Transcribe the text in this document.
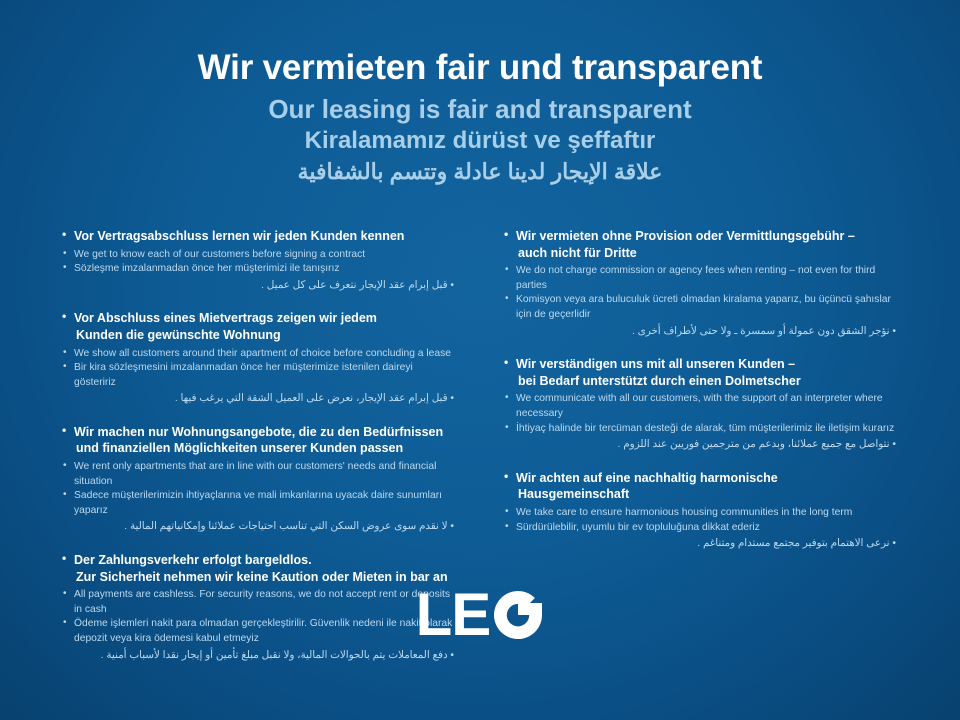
Wir vermieten fair und transparent
Our leasing is fair and transparent
Kiralamamız dürüst ve şeffaftır
علاقة الإيجار لدينا عادلة وتتسم بالشفافية
• Vor Vertragsabschluss lernen wir jeden Kunden kennen
• We get to know each of our customers before signing a contract
• Sözleşme imzalanmadan önce her müşterimizi ile tanışırız
• قبل إبرام عقد الإيجار نتعرف على كل عميل .
• Vor Abschluss eines Mietvertrags zeigen wir jedem
Kunden die gewünschte Wohnung
• We show all customers around their apartment of choice before concluding a lease
• Bir kira sözleşmesini imzalanmadan önce her müşterimize istenilen daireyi gösteririz
• قبل إبرام عقد الإيجار، نعرض على العميل الشقة التي يرغب فيها .
• Wir machen nur Wohnungsangebote, die zu den Bedürfnissen
und finanziellen Möglichkeiten unserer Kunden passen
• We rent only apartments that are in line with our customers' needs and financial situation
• Sadece müşterilerimizin ihtiyaçlarına ve mali imkanlarına uyacak daire sunumları yaparız
• لا نقدم سوى عروض السكن التي تناسب احتياجات عملائنا وإمكانياتهم المالية .
• Der Zahlungsverkehr erfolgt bargeldlos.
Zur Sicherheit nehmen wir keine Kaution oder Mieten in bar an
• All payments are cashless. For security reasons, we do not accept rent or deposits in cash
• Ödeme işlemleri nakit para olmadan gerçekleştirilir. Güvenlik nedeni ile nakit olarak depozit veya kira ödemesi kabul etmeyiz
• دفع المعاملات يتم بالحوالات المالية، ولا نقبل مبلغ تأمين أو إيجار نقدا لأسباب أمنية .
• Wir vermieten ohne Provision oder Vermittlungsgebühr –
auch nicht für Dritte
• We do not charge commission or agency fees when renting – not even for third parties
• Komisyon veya ara buluculuk ücreti olmadan kiralama yaparız, bu üçüncü şahıslar için de geçerlidir
• نؤجر الشقق دون عمولة أو سمسرة ـ ولا حتى لأطراف أخرى .
• Wir verständigen uns mit all unseren Kunden –
bei Bedarf unterstützt durch einen Dolmetscher
• We communicate with all our customers, with the support of an interpreter where necessary
• İhtiyaç halinde bir tercüman desteği de alarak, tüm müşterilerimiz ile iletişim kurarız
• نتواصل مع جميع عملائنا، وبدعم من مترجمين فوريين عند اللزوم .
• Wir achten auf eine nachhaltig harmonische
Hausgemeinschaft
• We take care to ensure harmonious housing communities in the long term
• Sürdürülebilir, uyumlu bir ev topluluğuna dikkat ederiz
• نرعى الاهتمام بتوفير مجتمع مستدام ومتناغم .
LE
